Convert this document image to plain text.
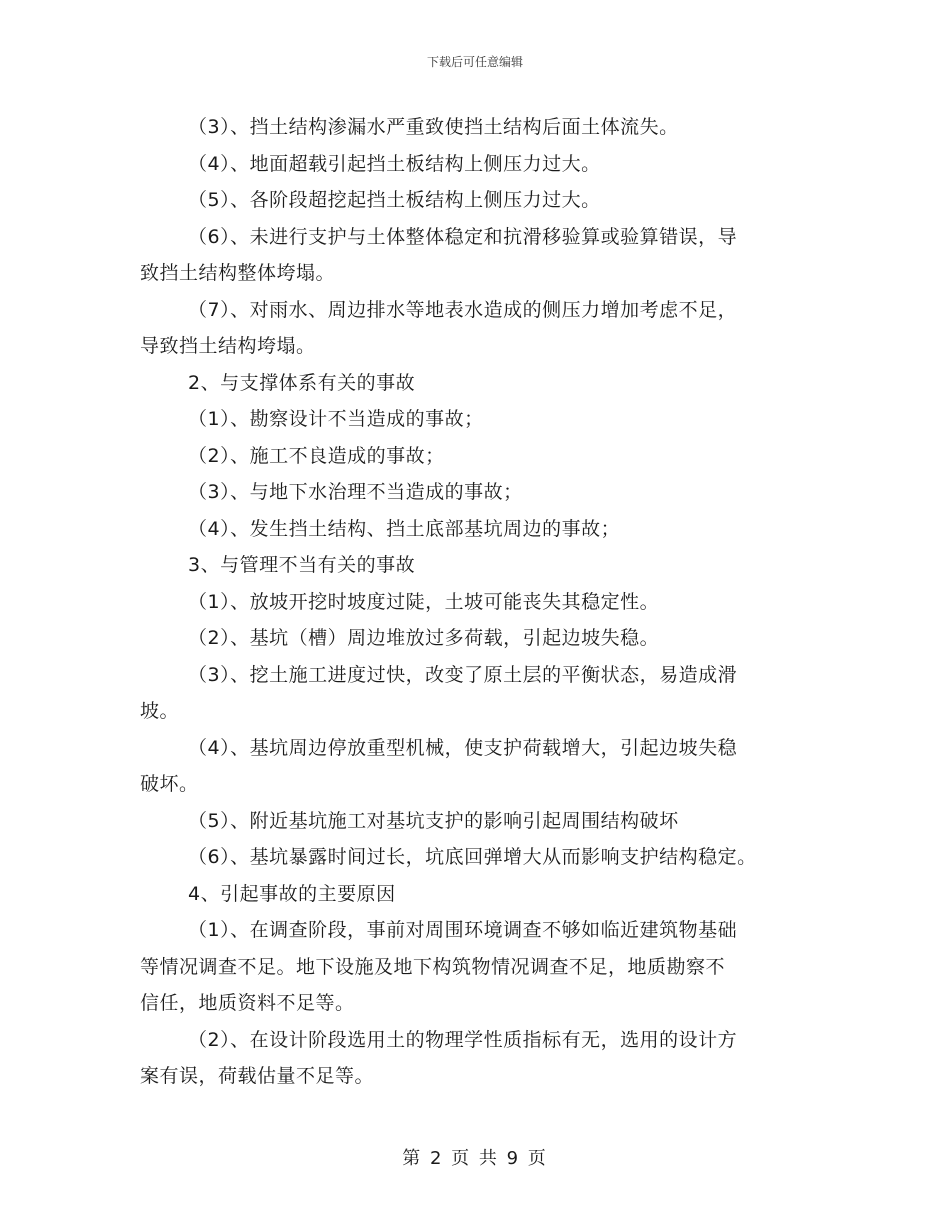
下载后可任意编辑
（3）、挡土结构渗漏水严重致使挡土结构后面土体流失。
（4）、地面超载引起挡土板结构上侧压力过大。
（5）、各阶段超挖起挡土板结构上侧压力过大。
（6）、未进行支护与土体整体稳定和抗滑移验算或验算错误，导
致挡土结构整体垮塌。
（7）、对雨水、周边排水等地表水造成的侧压力增加考虑不足，
导致挡土结构垮塌。
2、与支撑体系有关的事故
（1）、勘察设计不当造成的事故；
（2）、施工不良造成的事故；
（3）、与地下水治理不当造成的事故；
（4）、发生挡土结构、挡土底部基坑周边的事故；
3、与管理不当有关的事故
（1）、放坡开挖时坡度过陡，土坡可能丧失其稳定性。
（2）、基坑（槽）周边堆放过多荷载，引起边坡失稳。
（3）、挖土施工进度过快，改变了原土层的平衡状态，易造成滑
坡。
（4）、基坑周边停放重型机械，使支护荷载增大，引起边坡失稳
破坏。
（5）、附近基坑施工对基坑支护的影响引起周围结构破坏
（6）、基坑暴露时间过长，坑底回弹增大从而影响支护结构稳定。
4、引起事故的主要原因
（1）、在调查阶段，事前对周围环境调查不够如临近建筑物基础
等情况调查不足。地下设施及地下构筑物情况调查不足，地质勘察不
信任，地质资料不足等。
（2）、在设计阶段选用土的物理学性质指标有无，选用的设计方
案有误，荷载估量不足等。
第 2 页 共 9 页
